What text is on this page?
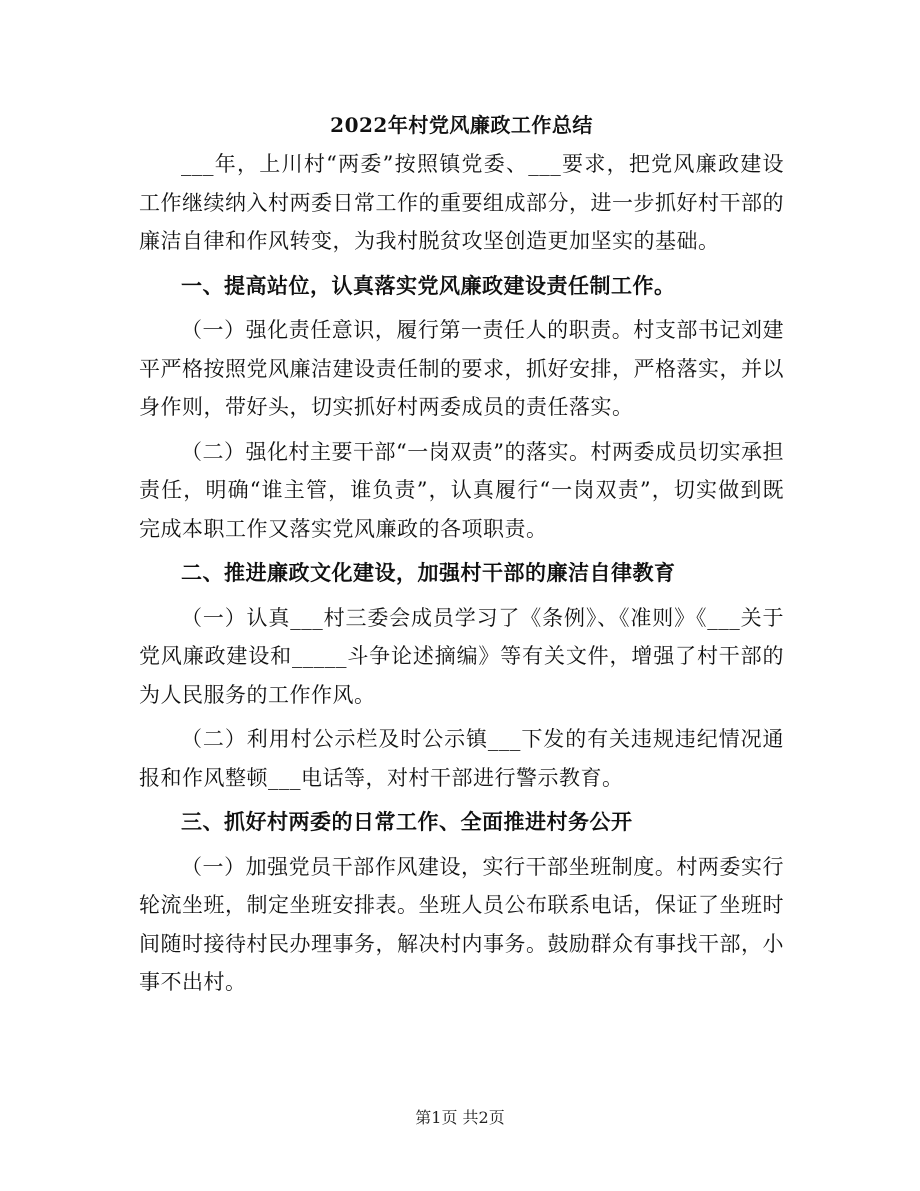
2022年村党风廉政工作总结

___年，上川村“两委”按照镇党委、___要求，把党风廉政建设工作继续纳入村两委日常工作的重要组成部分，进一步抓好村干部的廉洁自律和作风转变，为我村脱贫攻坚创造更加坚实的基础。

一、提高站位，认真落实党风廉政建设责任制工作。

（一）强化责任意识，履行第一责任人的职责。村支部书记刘建平严格按照党风廉洁建设责任制的要求，抓好安排，严格落实，并以身作则，带好头，切实抓好村两委成员的责任落实。

（二）强化村主要干部“一岗双责”的落实。村两委成员切实承担责任，明确“谁主管，谁负责”，认真履行“一岗双责”，切实做到既完成本职工作又落实党风廉政的各项职责。

二、推进廉政文化建设，加强村干部的廉洁自律教育

（一）认真___村三委会成员学习了《条例》、《准则》《___关于党风廉政建设和_____斗争论述摘编》等有关文件，增强了村干部的为人民服务的工作作风。

（二）利用村公示栏及时公示镇___下发的有关违规违纪情况通报和作风整顿___电话等，对村干部进行警示教育。

三、抓好村两委的日常工作、全面推进村务公开

（一）加强党员干部作风建设，实行干部坐班制度。村两委实行轮流坐班，制定坐班安排表。坐班人员公布联系电话，保证了坐班时间随时接待村民办理事务，解决村内事务。鼓励群众有事找干部，小事不出村。

第1页 共2页
